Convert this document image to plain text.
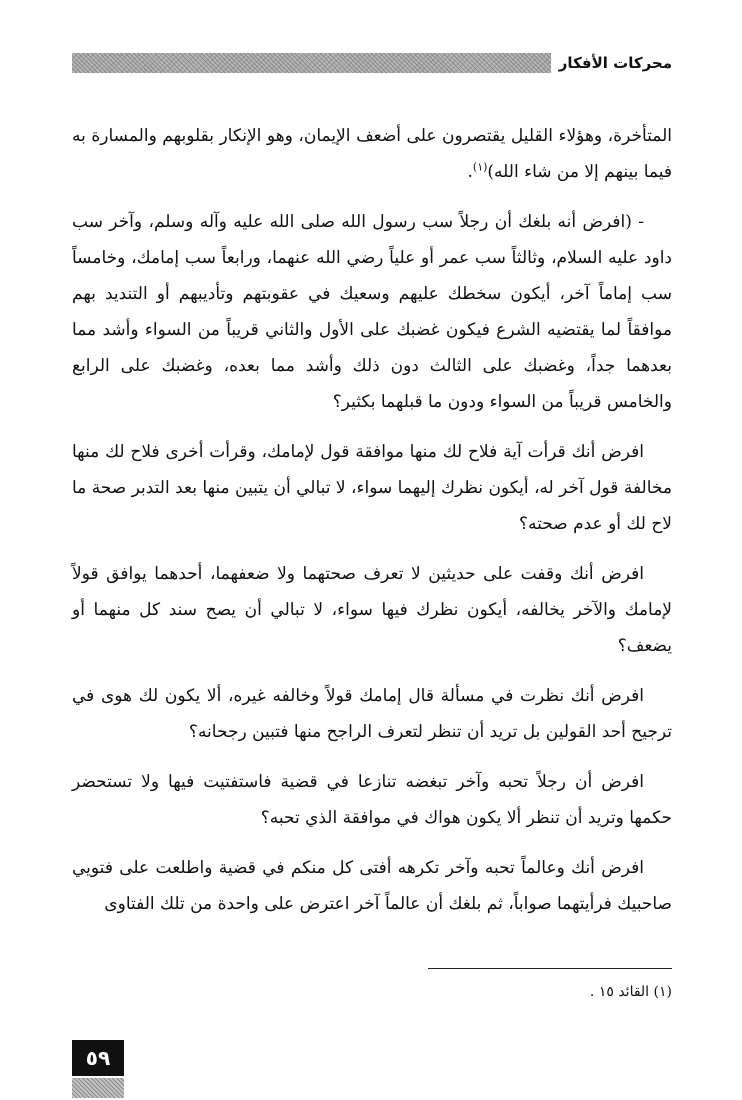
محركات الأفكار

المتأخرة، وهؤلاء القليل يقتصرون على أضعف الإيمان، وهو الإنكار بقلوبهم والمسارة به فيما بينهم إلا من شاء الله)$^{(١)}$.

- (افرض أنه بلغك أن رجلاً سب رسول الله صلى الله عليه وآله وسلم، وآخر سب داود عليه السلام، وثالثاً سب عمر أو علياً رضي الله عنهما، ورابعاً سب إمامك، وخامساً سب إماماً آخر، أيكون سخطك عليهم وسعيك في عقوبتهم وتأديبهم أو التنديد بهم موافقاً لما يقتضيه الشرع فيكون غضبك على الأول والثاني قريباً من السواء وأشد مما بعدهما جداً، وغضبك على الثالث دون ذلك وأشد مما بعده، وغضبك على الرابع والخامس قريباً من السواء ودون ما قبلهما بكثير؟

افرض أنك قرأت آية فلاح لك منها موافقة قول لإمامك، وقرأت أخرى فلاح لك منها مخالفة قول آخر له، أيكون نظرك إليهما سواء، لا تبالي أن يتبين منها بعد التدبر صحة ما لاح لك أو عدم صحته؟

افرض أنك وقفت على حديثين لا تعرف صحتهما ولا ضعفهما، أحدهما يوافق قولاً لإمامك والآخر يخالفه، أيكون نظرك فيها سواء، لا تبالي أن يصح سند كل منهما أو يضعف؟

افرض أنك نظرت في مسألة قال إمامك قولاً وخالفه غيره، ألا يكون لك هوى في ترجيح أحد القولين بل تريد أن تنظر لتعرف الراجح منها فتبين رجحانه؟

افرض أن رجلاً تحبه وآخر تبغضه تنازعا في قضية فاستفتيت فيها ولا تستحضر حكمها وتريد أن تنظر ألا يكون هواك في موافقة الذي تحبه؟

افرض أنك وعالماً تحبه وآخر تكرهه أفتى كل منكم في قضية واطلعت على فتويي صاحبيك فرأيتهما صواباً، ثم بلغك أن عالماً آخر اعترض على واحدة من تلك الفتاوى

(١) القائد ١٥ .
٥٩
